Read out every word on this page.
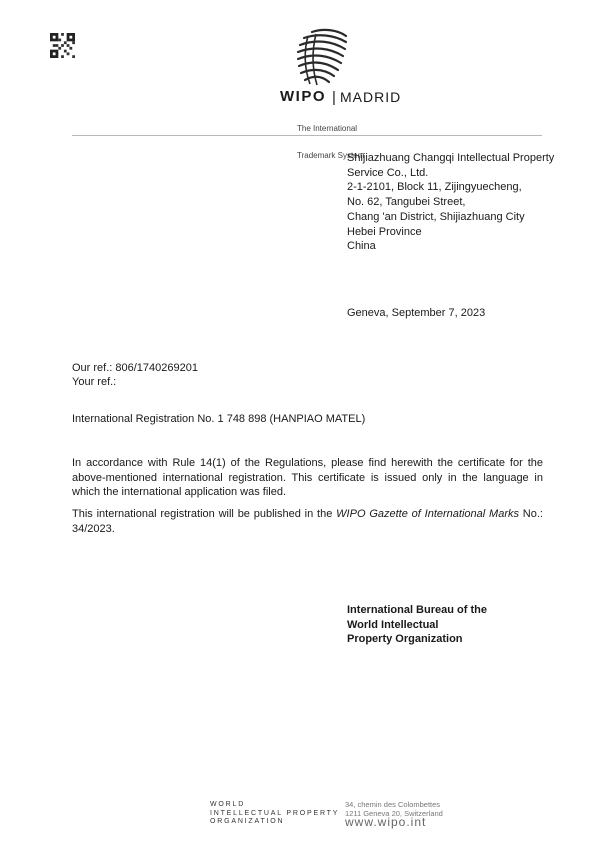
WIPO | MADRID

The International

Trademark System

Shijiazhuang Changqi Intellectual Property
Service Co., Ltd.
2-1-2101, Block 11, Zijingyuecheng,
No. 62, Tangubei Street,
Chang 'an District, Shijiazhuang City
Hebei Province
China
Geneva, September 7, 2023
Our ref.: 806/1740269201
Your ref.:
International Registration No. 1 748 898 (HANPIAO MATEL)
In accordance with Rule 14(1) of the Regulations, please find herewith the certificate for the above-mentioned international registration. This certificate is issued only in the language in which the international application was filed.
This international registration will be published in the WIPO Gazette of International Marks No.: 34/2023.
International Bureau of the
World Intellectual
Property Organization
WORLD
INTELLECTUAL PROPERTY
ORGANIZATION
34, chemin des Colombettes
1211 Geneva 20, Switzerland
www.wipo.int
